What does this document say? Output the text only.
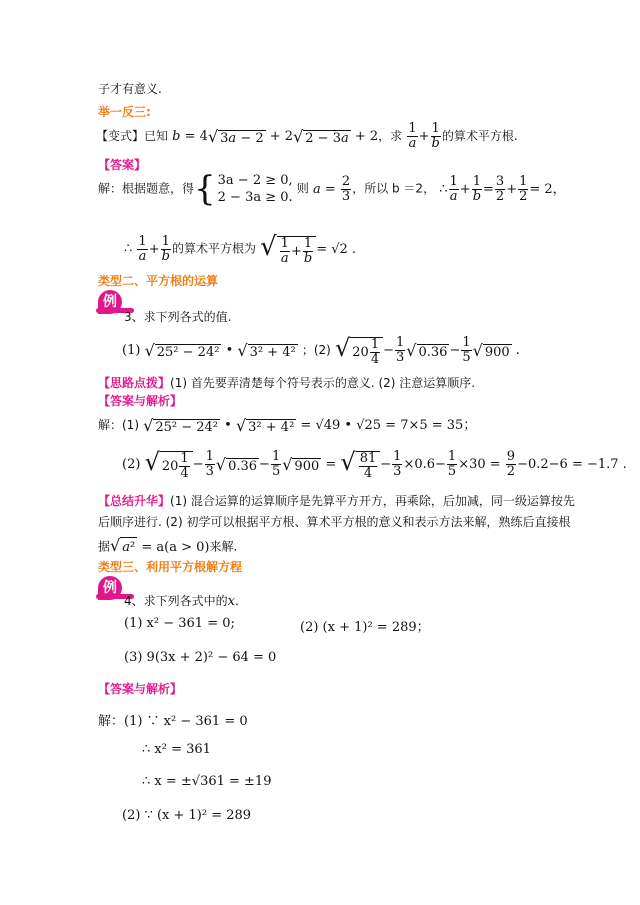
子才有意义.
举一反三:
【变式】已知 b = 4√ 3a − 2 + 2√ 2 − 3a + 2，求 $\frac{1}{a} + \frac{1}{b}$ 的算术平方根.
【答案】
解：根据题意，得{ 3a − 2 ≥ 0,
2 − 3a ≥ 0.
则 $a = \frac{2}{3}$ ，所以 b ＝2， ∴ $\frac{1}{a} + \frac{1}{b} = \frac{3}{2} + \frac{1}{2} = 2$，
∴ $\frac{1}{a} + \frac{1}{b}$ 的算术平方根为 √ $\frac{1}{a} + \frac{1}{b} = √2$ .
类型二、平方根的运算
例
3、求下列各式的值.
(1) √ 25² − 24² • √ 3² + 4² ；(2) √ $20 \frac{1}{4} - \frac{1}{3}$ √ $0.36 - \frac{1}{5}$ √ 900 .
【思路点拨】(1) 首先要弄清楚每个符号表示的意义. (2) 注意运算顺序.
【答案与解析】
解：(1) √ 25² − 24² • √ 3² + 4² = √49 • √25 = 7×5 = 35；
(2) √ $20 \frac{1}{4} - \frac{1}{3}$ √ $0.36 - \frac{1}{5}$ √ 900 = √ $\frac{81}{4} - \frac{1}{3} \times 0.6- \frac{1}{5} \times 30 = \frac{9}{2} -0.2-6 = -1.7$ .
【总结升华】(1) 混合运算的运算顺序是先算平方开方，再乘除，后加减，同一级运算按先
后顺序进行. (2) 初学可以根据平方根、算术平方根的意义和表示方法来解，熟练后直接根
据√ a² = a(a > 0)来解.
类型三、利用平方根解方程
例
4、求下列各式中的x.
(1) x² − 361 = 0;	(2) (x + 1)² = 289；
(3) 9(3x + 2)² − 64 = 0
【答案与解析】
解：(1) ∵ x² − 361 = 0
∴ x² = 361
∴ x = ±√361 = ±19
(2) ∵ (x + 1)² = 289
